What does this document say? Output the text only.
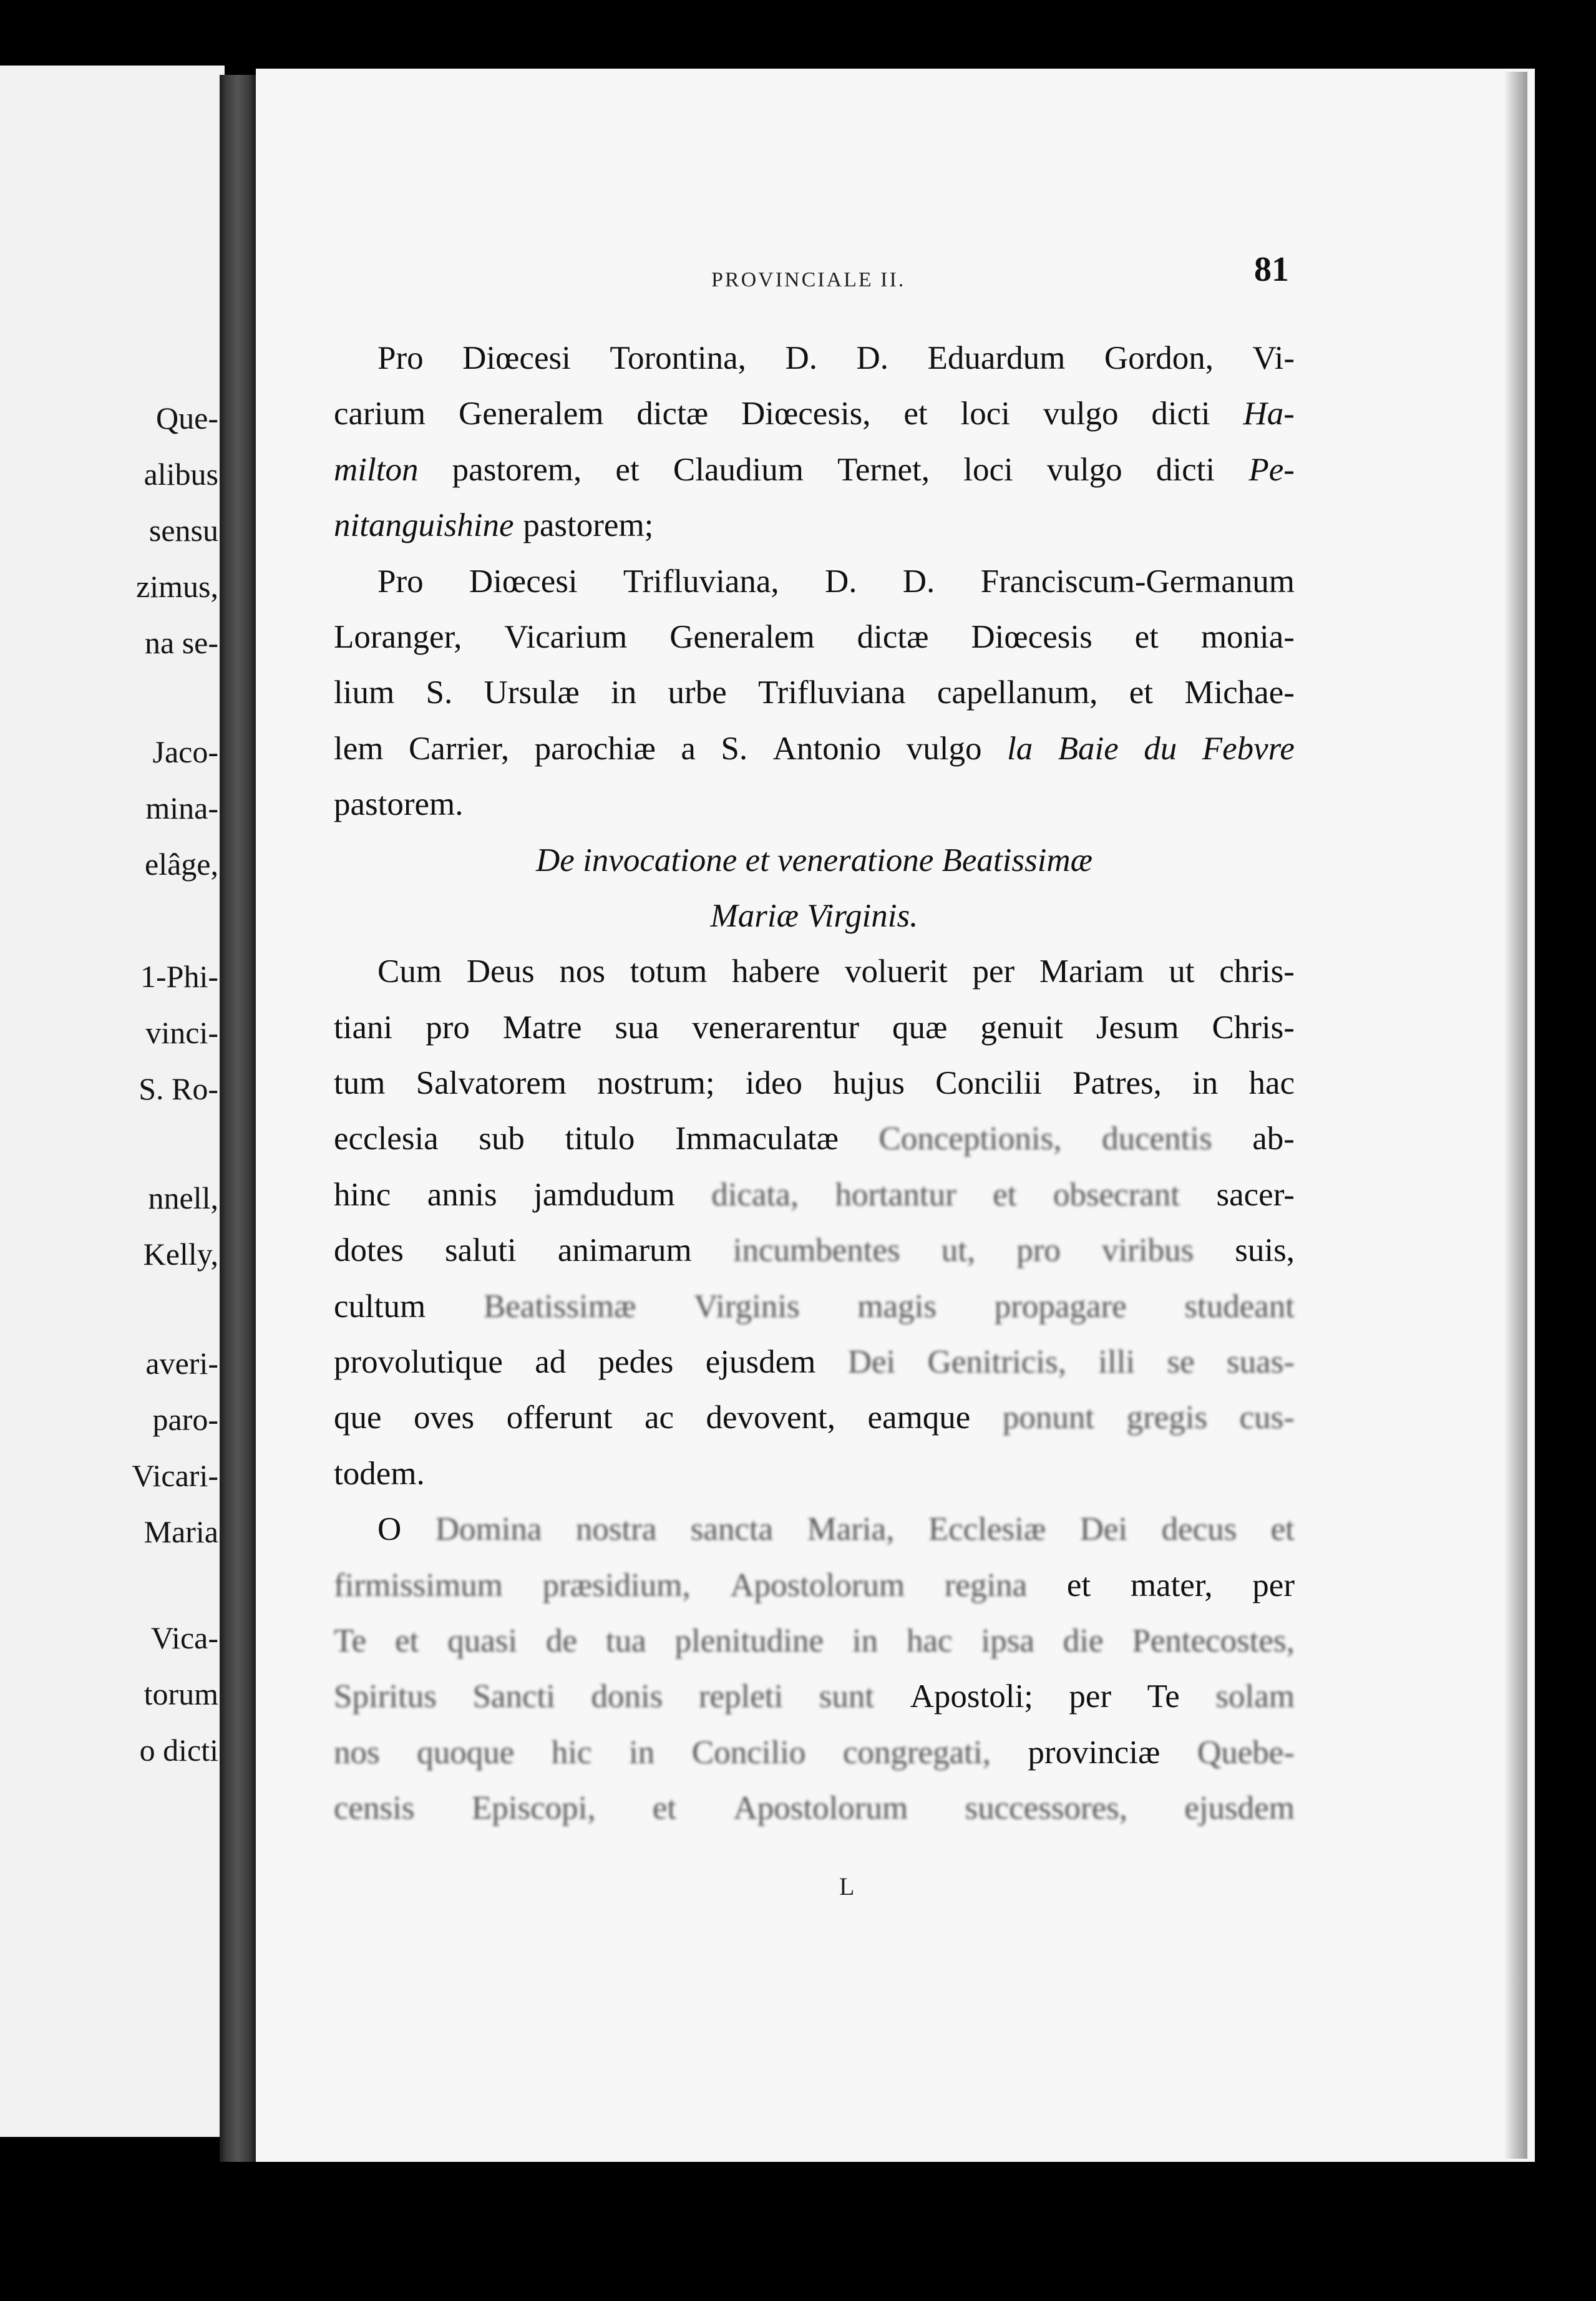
Que-
alibus
sensu
zimus,
na se-
Jaco-
mina-
elâge,
1-Phi-
vinci-
S. Ro-
nnell,
Kelly,
averi-
paro-
Vicari-
Maria
Vica-
torum
o dicti
PROVINCIALE II.	81
Pro Diœcesi Torontina, D. D. Eduardum Gordon, Vi-
carium Generalem dictæ Diœcesis, et loci vulgo dicti Ha-
milton pastorem, et Claudium Ternet, loci vulgo dicti Pe-
nitanguishine pastorem;
Pro Diœcesi Trifluviana, D. D. Franciscum-Germanum
Loranger, Vicarium Generalem dictæ Diœcesis et monia-
lium S. Ursulæ in urbe Trifluviana capellanum, et Michae-
lem Carrier, parochiæ a S. Antonio vulgo la Baie du Febvre
pastorem.
De invocatione et veneratione Beatissimæ
Mariæ Virginis.
Cum Deus nos totum habere voluerit per Mariam ut chris-
tiani pro Matre sua venerarentur quæ genuit Jesum Chris-
tum Salvatorem nostrum; ideo hujus Concilii Patres, in hac
ecclesia sub titulo Immaculatæ Conceptionis, ducentis ab-
hinc annis jamdudum dicata, hortantur et obsecrant sacer-
dotes saluti animarum incumbentes ut, pro viribus suis,
cultum Beatissimæ Virginis magis propagare studeant
provolutique ad pedes ejusdem Dei Genitricis, illi se suas-
que oves offerunt ac devovent, eamque ponunt gregis cus-
todem.
O Domina nostra sancta Maria, Ecclesiæ Dei decus et
firmissimum præsidium, Apostolorum regina et mater, per
Te et quasi de tua plenitudine in hac ipsa die Pentecostes,
Spiritus Sancti donis repleti sunt Apostoli; per Te solam
nos quoque hic in Concilio congregati, provinciæ Quebe-
censis Episcopi, et Apostolorum successores, ejusdem
L
